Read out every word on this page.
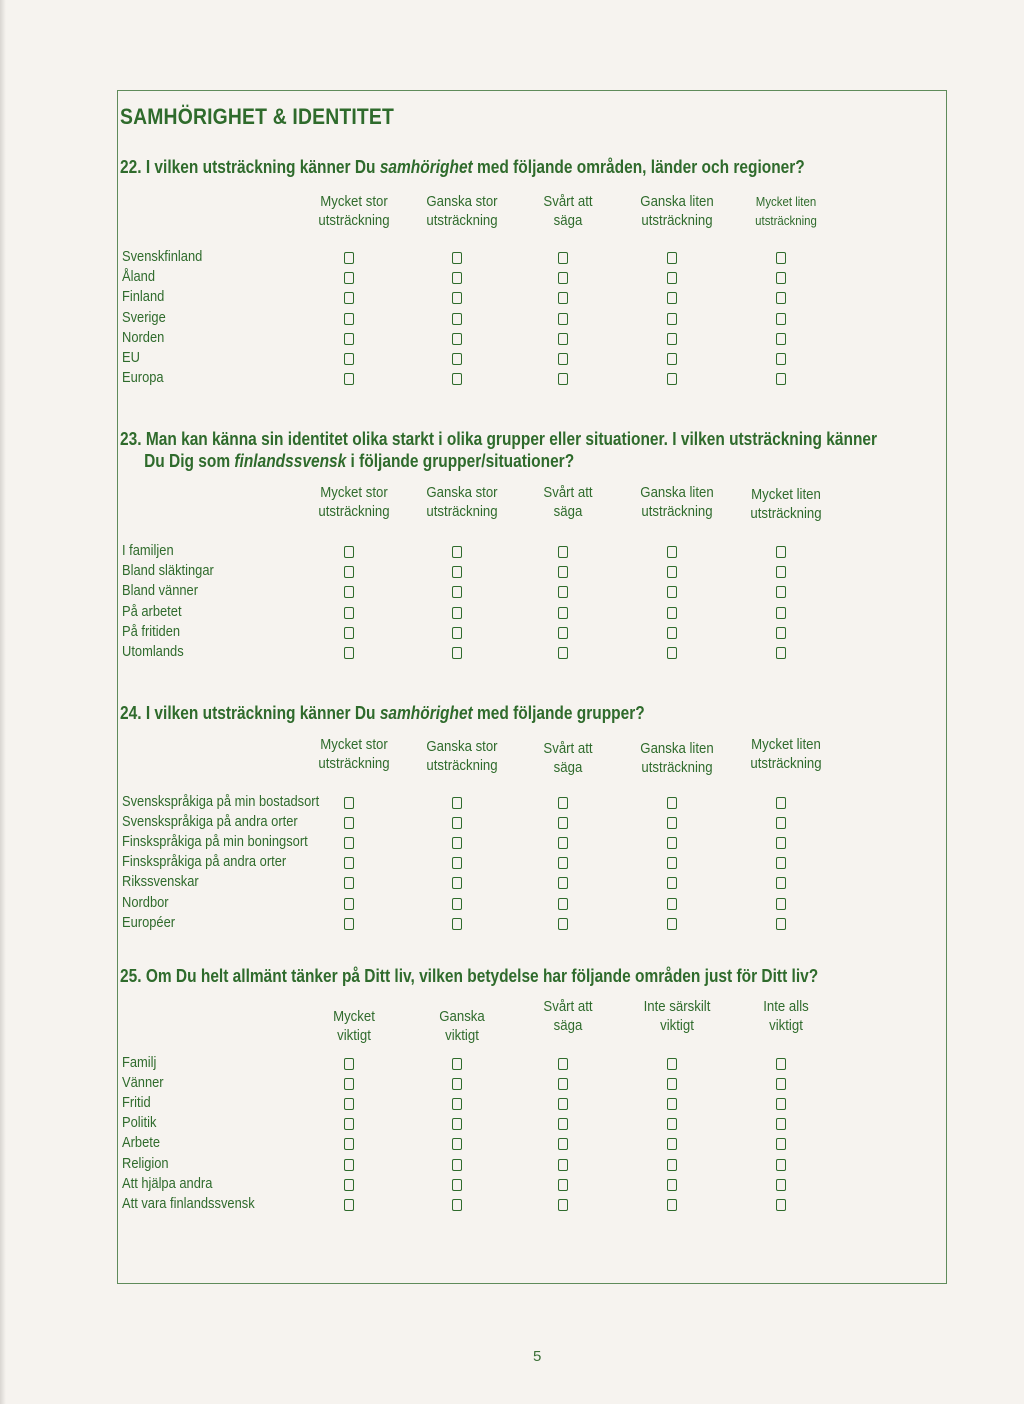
SAMHÖRIGHET & IDENTITET
22. I vilken utsträckning känner Du samhörighet med följande områden, länder och regioner?
Mycket stor
utsträckning
Ganska stor
utsträckning
Svårt att
säga
Ganska liten
utsträckning
Mycket liten
utsträckning
Svenskfinland
Åland
Finland
Sverige
Norden
EU
Europa
23. Man kan känna sin identitet olika starkt i olika grupper eller situationer. I vilken utsträckning känner
Du Dig som finlandssvensk i följande grupper/situationer?
Mycket stor
utsträckning
Ganska stor
utsträckning
Svårt att
säga
Ganska liten
utsträckning
Mycket liten
utsträckning
I familjen
Bland släktingar
Bland vänner
På arbetet
På fritiden
Utomlands
24. I vilken utsträckning känner Du samhörighet med följande grupper?
Mycket stor
utsträckning
Ganska stor
utsträckning
Svårt att
säga
Ganska liten
utsträckning
Mycket liten
utsträckning
Svenskspråkiga på min bostadsort
Svenskspråkiga på andra orter
Finskspråkiga på min boningsort
Finskspråkiga på andra orter
Rikssvenskar
Nordbor
Européer
25. Om Du helt allmänt tänker på Ditt liv, vilken betydelse har följande områden just för Ditt liv?
Mycket
viktigt
Ganska
viktigt
Svårt att
säga
Inte särskilt
viktigt
Inte alls
viktigt
Familj
Vänner
Fritid
Politik
Arbete
Religion
Att hjälpa andra
Att vara finlandssvensk
5
